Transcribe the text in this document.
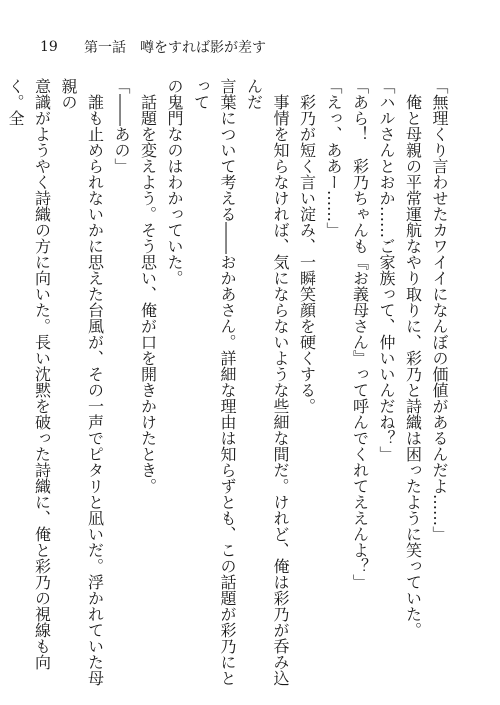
19	第一話 噂をすれば影が差す

「無理くり言わせたカワイイになんぼの価値があるんだよ……」

　俺と母親の平常運航なやり取りに、彩乃と詩織は困ったように笑っていた。

「ハルさんとおか……ご家族って、仲いいんだね？」

「あら！　彩乃ちゃんも『お義母さん』って呼んでくれてええんよ？」

「えっ、ああー……」

　彩乃が短く言い淀み、一瞬笑顔を硬くする。

　事情を知らなければ、気にならないような些細な間だ。けれど、俺は彩乃が呑み込んだ

言葉について考える――おかあさん。詳細な理由は知らずとも、この話題が彩乃にとって

の鬼門なのはわかっていた。

　話題を変えよう。そう思い、俺が口を開きかけたとき。

「――あの」

　誰も止められないかに思えた台風が、その一声でピタリと凪いだ。浮かれていた母親の

意識がようやく詩織の方に向いた。長い沈黙を破った詩織に、俺と彩乃の視線も向く。全
